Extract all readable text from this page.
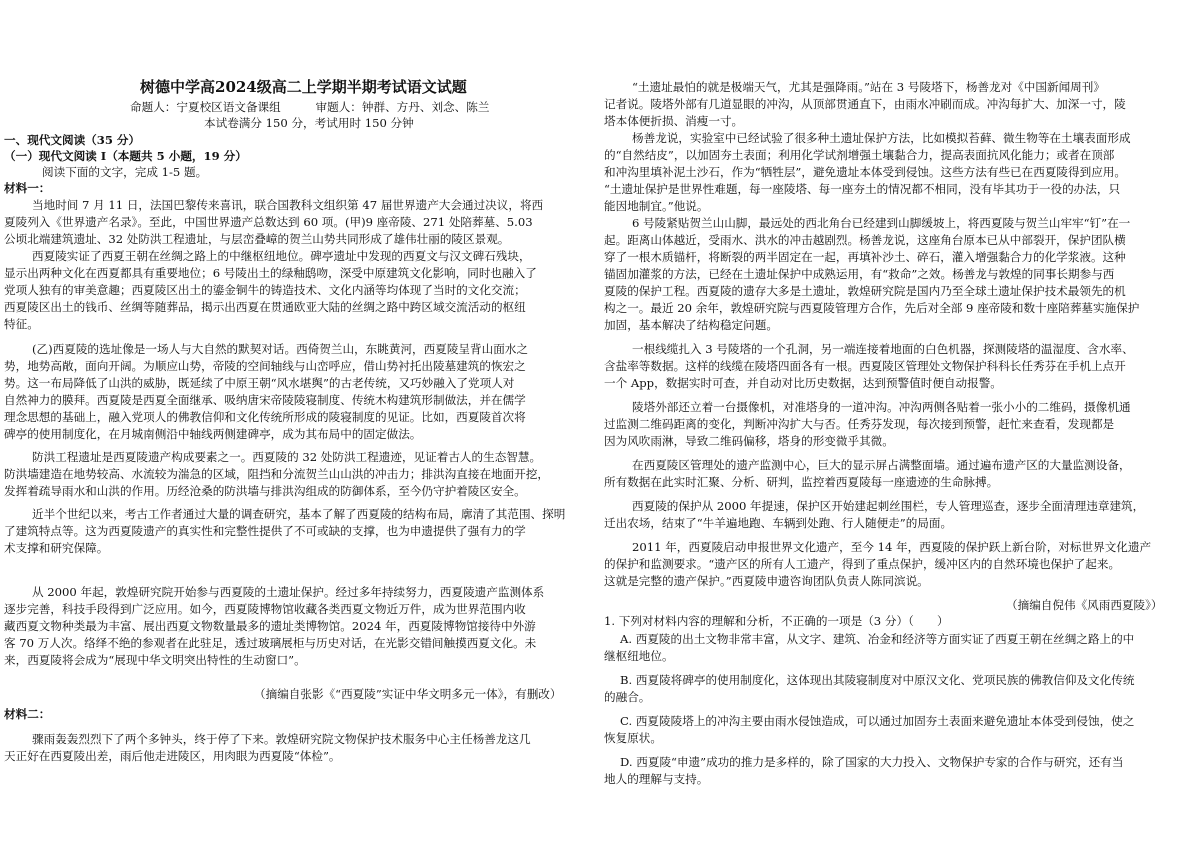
树德中学高2024级高二上学期半期考试语文试题
命题人：宁夏校区语文备课组　　　审题人：钟群、方丹、刘念、陈兰
本试卷满分 150 分，考试用时 150 分钟
一、现代文阅读（35 分）
（一）现代文阅读 I（本题共 5 小题，19 分）
阅读下面的文字，完成 1-5 题。
材料一：
当地时间 7 月 11 日，法国巴黎传来喜讯，联合国教科文组织第 47 届世界遗产大会通过决议，将西
夏陵列入《世界遗产名录》。至此，中国世界遗产总数达到 60 项。(甲)9 座帝陵、271 处陪葬墓、5.03
公顷北端建筑遗址、32 处防洪工程遗址，与层峦叠嶂的贺兰山势共同形成了雄伟壮丽的陵区景观。
西夏陵实证了西夏王朝在丝绸之路上的中继枢纽地位。碑亭遗址中发现的西夏文与汉文碑石残块，
显示出两种文化在西夏都具有重要地位；6 号陵出土的绿釉鸱吻，深受中原建筑文化影响，同时也融入了
党项人独有的审美意趣；西夏陵区出土的鎏金铜牛的铸造技术、文化内涵等均体现了当时的文化交流；
西夏陵区出土的钱币、丝绸等随葬品，揭示出西夏在贯通欧亚大陆的丝绸之路中跨区域交流活动的枢纽
特征。
(乙)西夏陵的选址像是一场人与大自然的默契对话。西倚贺兰山，东眺黄河，西夏陵呈背山面水之
势，地势高敞，面向开阔。为顺应山势，帝陵的空间轴线与山峦呼应，借山势衬托出陵墓建筑的恢宏之
势。这一布局降低了山洪的威胁，既延续了中原王朝“风水堪舆”的古老传统，又巧妙融入了党项人对
自然神力的膜拜。西夏陵是西夏全面继承、吸纳唐宋帝陵陵寝制度、传统木构建筑形制做法，并在儒学
理念思想的基础上，融入党项人的佛教信仰和文化传统所形成的陵寝制度的见证。比如，西夏陵首次将
碑亭的使用制度化，在月城南侧沿中轴线两侧建碑亭，成为其布局中的固定做法。
防洪工程遗址是西夏陵遗产构成要素之一。西夏陵的 32 处防洪工程遗迹，见证着古人的生态智慧。
防洪墙建造在地势较高、水流较为湍急的区域，阻挡和分流贺兰山山洪的冲击力；排洪沟直接在地面开挖，
发挥着疏导雨水和山洪的作用。历经沧桑的防洪墙与排洪沟组成的防御体系，至今仍守护着陵区安全。
近半个世纪以来，考古工作者通过大量的调查研究，基本了解了西夏陵的结构布局，廓清了其范围、探明
了建筑特点等。这为西夏陵遗产的真实性和完整性提供了不可或缺的支撑，也为申遗提供了强有力的学
术支撑和研究保障。
从 2000 年起，敦煌研究院开始参与西夏陵的土遗址保护。经过多年持续努力，西夏陵遗产监测体系
逐步完善，科技手段得到广泛应用。如今，西夏陵博物馆收藏各类西夏文物近万件，成为世界范围内收
藏西夏文物种类最为丰富、展出西夏文物数量最多的遗址类博物馆。2024 年，西夏陵博物馆接待中外游
客 70 万人次。络绎不绝的参观者在此驻足，透过玻璃展柜与历史对话，在光影交错间触摸西夏文化。未
来，西夏陵将会成为“展现中华文明突出特性的生动窗口”。
（摘编自张影《“西夏陵”实证中华文明多元一体》，有删改）
材料二：
骤雨轰轰烈烈下了两个多钟头，终于停了下来。敦煌研究院文物保护技术服务中心主任杨善龙这几
天正好在西夏陵出差，雨后他走进陵区，用肉眼为西夏陵“体检”。
“土遗址最怕的就是极端天气，尤其是强降雨。”站在 3 号陵塔下，杨善龙对《中国新闻周刊》
记者说。陵塔外部有几道显眼的冲沟，从顶部贯通直下，由雨水冲刷而成。冲沟每扩大、加深一寸，陵
塔本体便折损、消瘦一寸。
杨善龙说，实验室中已经试验了很多种土遗址保护方法，比如模拟苔藓、微生物等在土壤表面形成
的“自然结皮”，以加固夯土表面；利用化学试剂增强土壤黏合力，提高表面抗风化能力；或者在顶部
和冲沟里填补泥土沙石，作为“牺牲层”，避免遗址本体受到侵蚀。这些方法有些已在西夏陵得到应用。
“土遗址保护是世界性难题，每一座陵塔、每一座夯土的情况都不相同，没有毕其功于一役的办法，只
能因地制宜。”他说。
6 号陵紧贴贺兰山山脚，最远处的西北角台已经建到山脚缓坡上，将西夏陵与贺兰山牢牢“钉”在一
起。距离山体越近，受雨水、洪水的冲击越剧烈。杨善龙说，这座角台原本已从中部裂开，保护团队横
穿了一根木质锚杆，将断裂的两半固定在一起，再填补沙土、碎石，灌入增强黏合力的化学浆液。这种
锚固加灌浆的方法，已经在土遗址保护中成熟运用，有“救命”之效。杨善龙与敦煌的同事长期参与西
夏陵的保护工程。西夏陵的遗存大多是土遗址，敦煌研究院是国内乃至全球土遗址保护技术最领先的机
构之一。最近 20 余年，敦煌研究院与西夏陵管理方合作，先后对全部 9 座帝陵和数十座陪葬墓实施保护
加固，基本解决了结构稳定问题。
一根线缆扎入 3 号陵塔的一个孔洞，另一端连接着地面的白色机器，探测陵塔的温湿度、含水率、
含盐率等数据。这样的线缆在陵塔四面各有一根。西夏陵区管理处文物保护科科长任秀芬在手机上点开
一个 App，数据实时可查，并自动对比历史数据，达到预警值时便自动报警。
陵塔外部还立着一台摄像机，对准塔身的一道冲沟。冲沟两侧各贴着一张小小的二维码，摄像机通
过监测二维码距离的变化，判断冲沟扩大与否。任秀芬发现，每次接到预警，赶忙来查看，发现都是
因为风吹雨淋，导致二维码偏移，塔身的形变微乎其微。
在西夏陵区管理处的遗产监测中心，巨大的显示屏占满整面墙。通过遍布遗产区的大量监测设备，
所有数据在此实时汇聚、分析、研判，监控着西夏陵每一座遗迹的生命脉搏。
西夏陵的保护从 2000 年提速，保护区开始建起刺丝围栏，专人管理巡查，逐步全面清理违章建筑，
迁出农场，结束了“牛羊遍地跑、车辆到处跑、行人随便走”的局面。
2011 年，西夏陵启动申报世界文化遗产，至今 14 年，西夏陵的保护跃上新台阶，对标世界文化遗产
的保护和监测要求。“遗产区的所有人工遗产，得到了重点保护，缓冲区内的自然环境也保护了起来。
这就是完整的遗产保护。”西夏陵申遗咨询团队负责人陈同滨说。
（摘编自倪伟《风雨西夏陵》）
1. 下列对材料内容的理解和分析，不正确的一项是（3 分）（　　）
A. 西夏陵的出土文物非常丰富，从文字、建筑、冶金和经济等方面实证了西夏王朝在丝绸之路上的中
继枢纽地位。
B. 西夏陵将碑亭的使用制度化，这体现出其陵寝制度对中原汉文化、党项民族的佛教信仰及文化传统
的融合。
C. 西夏陵陵塔上的冲沟主要由雨水侵蚀造成，可以通过加固夯土表面来避免遗址本体受到侵蚀，使之
恢复原状。
D. 西夏陵“申遗”成功的推力是多样的，除了国家的大力投入、文物保护专家的合作与研究，还有当
地人的理解与支持。
